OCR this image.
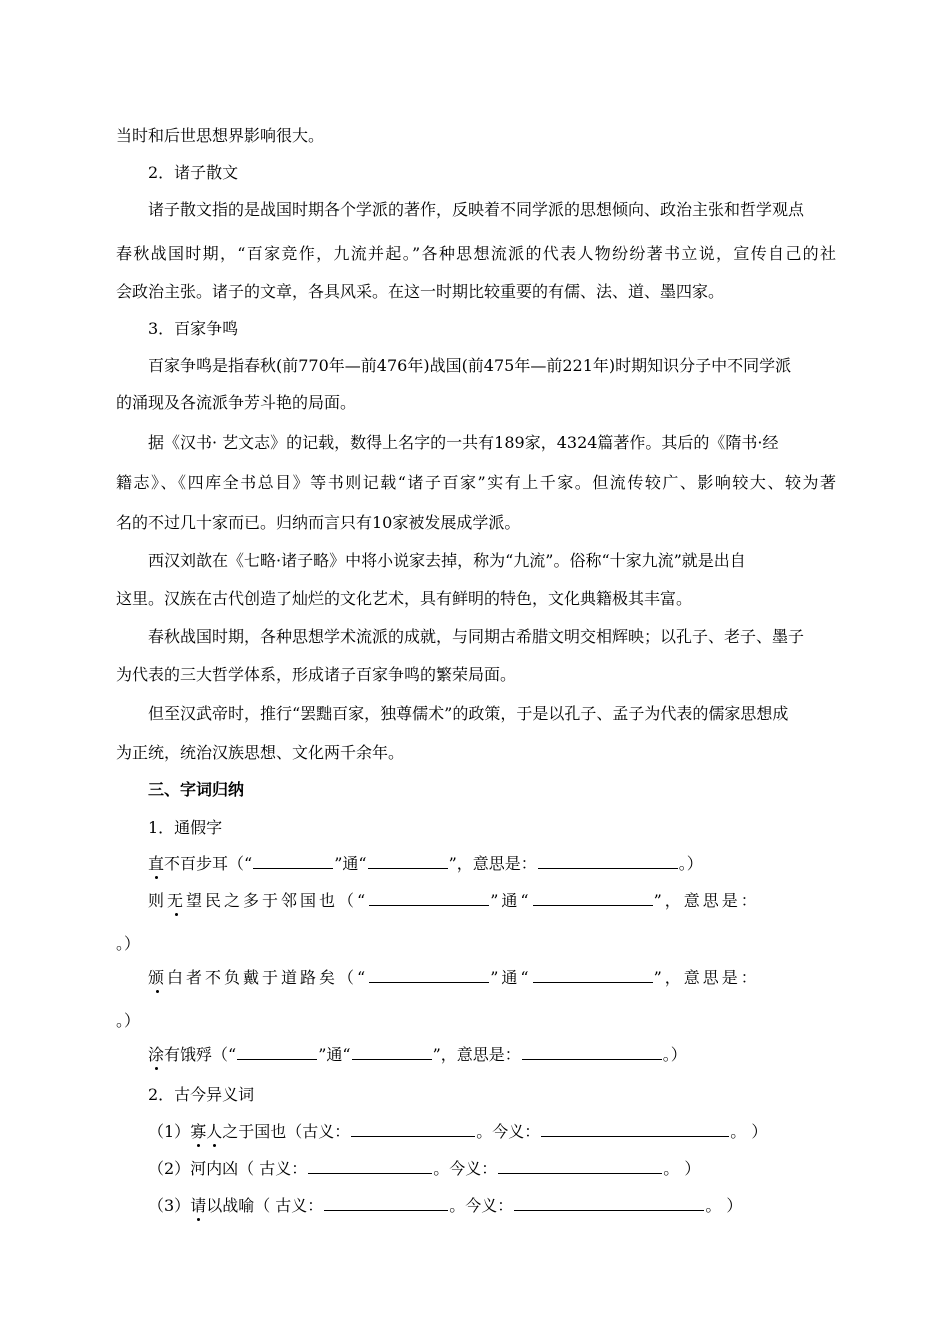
当时和后世思想界影响很大。
2．诸子散文
诸子散文指的是战国时期各个学派的著作，反映着不同学派的思想倾向、政治主张和哲学观点
春秋战国时期，“百家竞作，九流并起。”各种思想流派的代表人物纷纷著书立说，宣传自己的社
会政治主张。诸子的文章，各具风采。在这一时期比较重要的有儒、法、道、墨四家。
3．百家争鸣
百家争鸣是指春秋(前770年—前476年)战国(前475年—前221年)时期知识分子中不同学派
的涌现及各流派争芳斗艳的局面。
据《汉书· 艺文志》的记载，数得上名字的一共有189家，4324篇著作。其后的《隋书·经
籍志》、《四库全书总目》等书则记载“诸子百家”实有上千家。但流传较广、影响较大、较为著
名的不过几十家而已。归纳而言只有10家被发展成学派。
西汉刘歆在《七略·诸子略》中将小说家去掉，称为“九流”。俗称“十家九流”就是出自
这里。汉族在古代创造了灿烂的文化艺术，具有鲜明的特色，文化典籍极其丰富。
春秋战国时期，各种思想学术流派的成就，与同期古希腊文明交相辉映；以孔子、老子、墨子
为代表的三大哲学体系，形成诸子百家争鸣的繁荣局面。
但至汉武帝时，推行“罢黜百家，独尊儒术”的政策，于是以孔子、孟子为代表的儒家思想成
为正统，统治汉族思想、文化两千余年。
三、字词归纳
1．通假字
直不百步耳（“	”通“	”，意思是：	。）
则无望民之多于邻国也（“	”通“	”，意思是：
。）
颁白者不负戴于道路矣（“	”通“	”，意思是：
。）
涂有饿殍（“	”通“	”，意思是：	。）
2．古今异义词
（1）寡人之于国也（古义：	。今义：	。 ）
（2）河内凶（ 古义：	。今义：	。 ）
（3）请以战喻（ 古义：	。今义：	。 ）
